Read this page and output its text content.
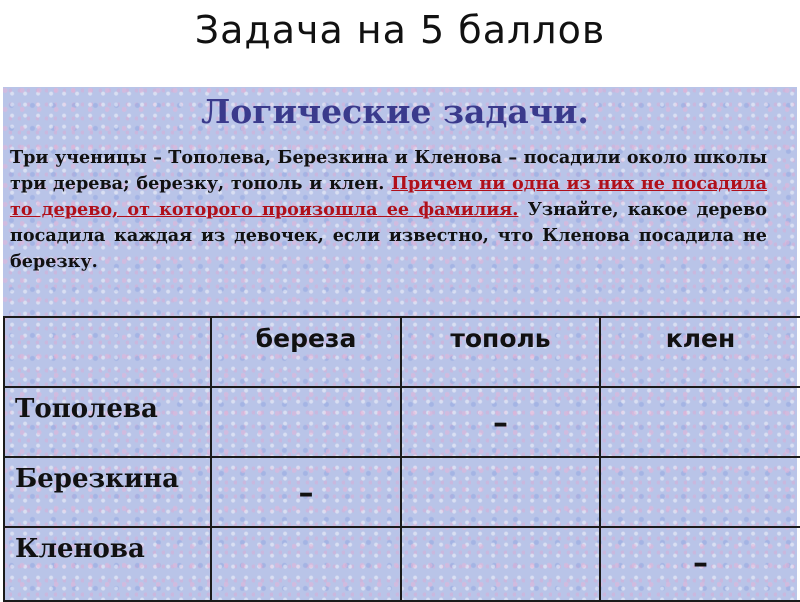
Задача на 5 баллов
Логические задачи.
Три ученицы – Тополева, Березкина и Кленова – посадили около школы три дерева; березку, тополь и клен. Причем ни одна из них не посадила то дерево, от которого произошла ее фамилия. Узнайте, какое дерево посадила каждая из девочек, если известно, что Кленова посадила не березку.
	береза	тополь	клен
Тополева		–	
Березкина	–		
Кленова			–
